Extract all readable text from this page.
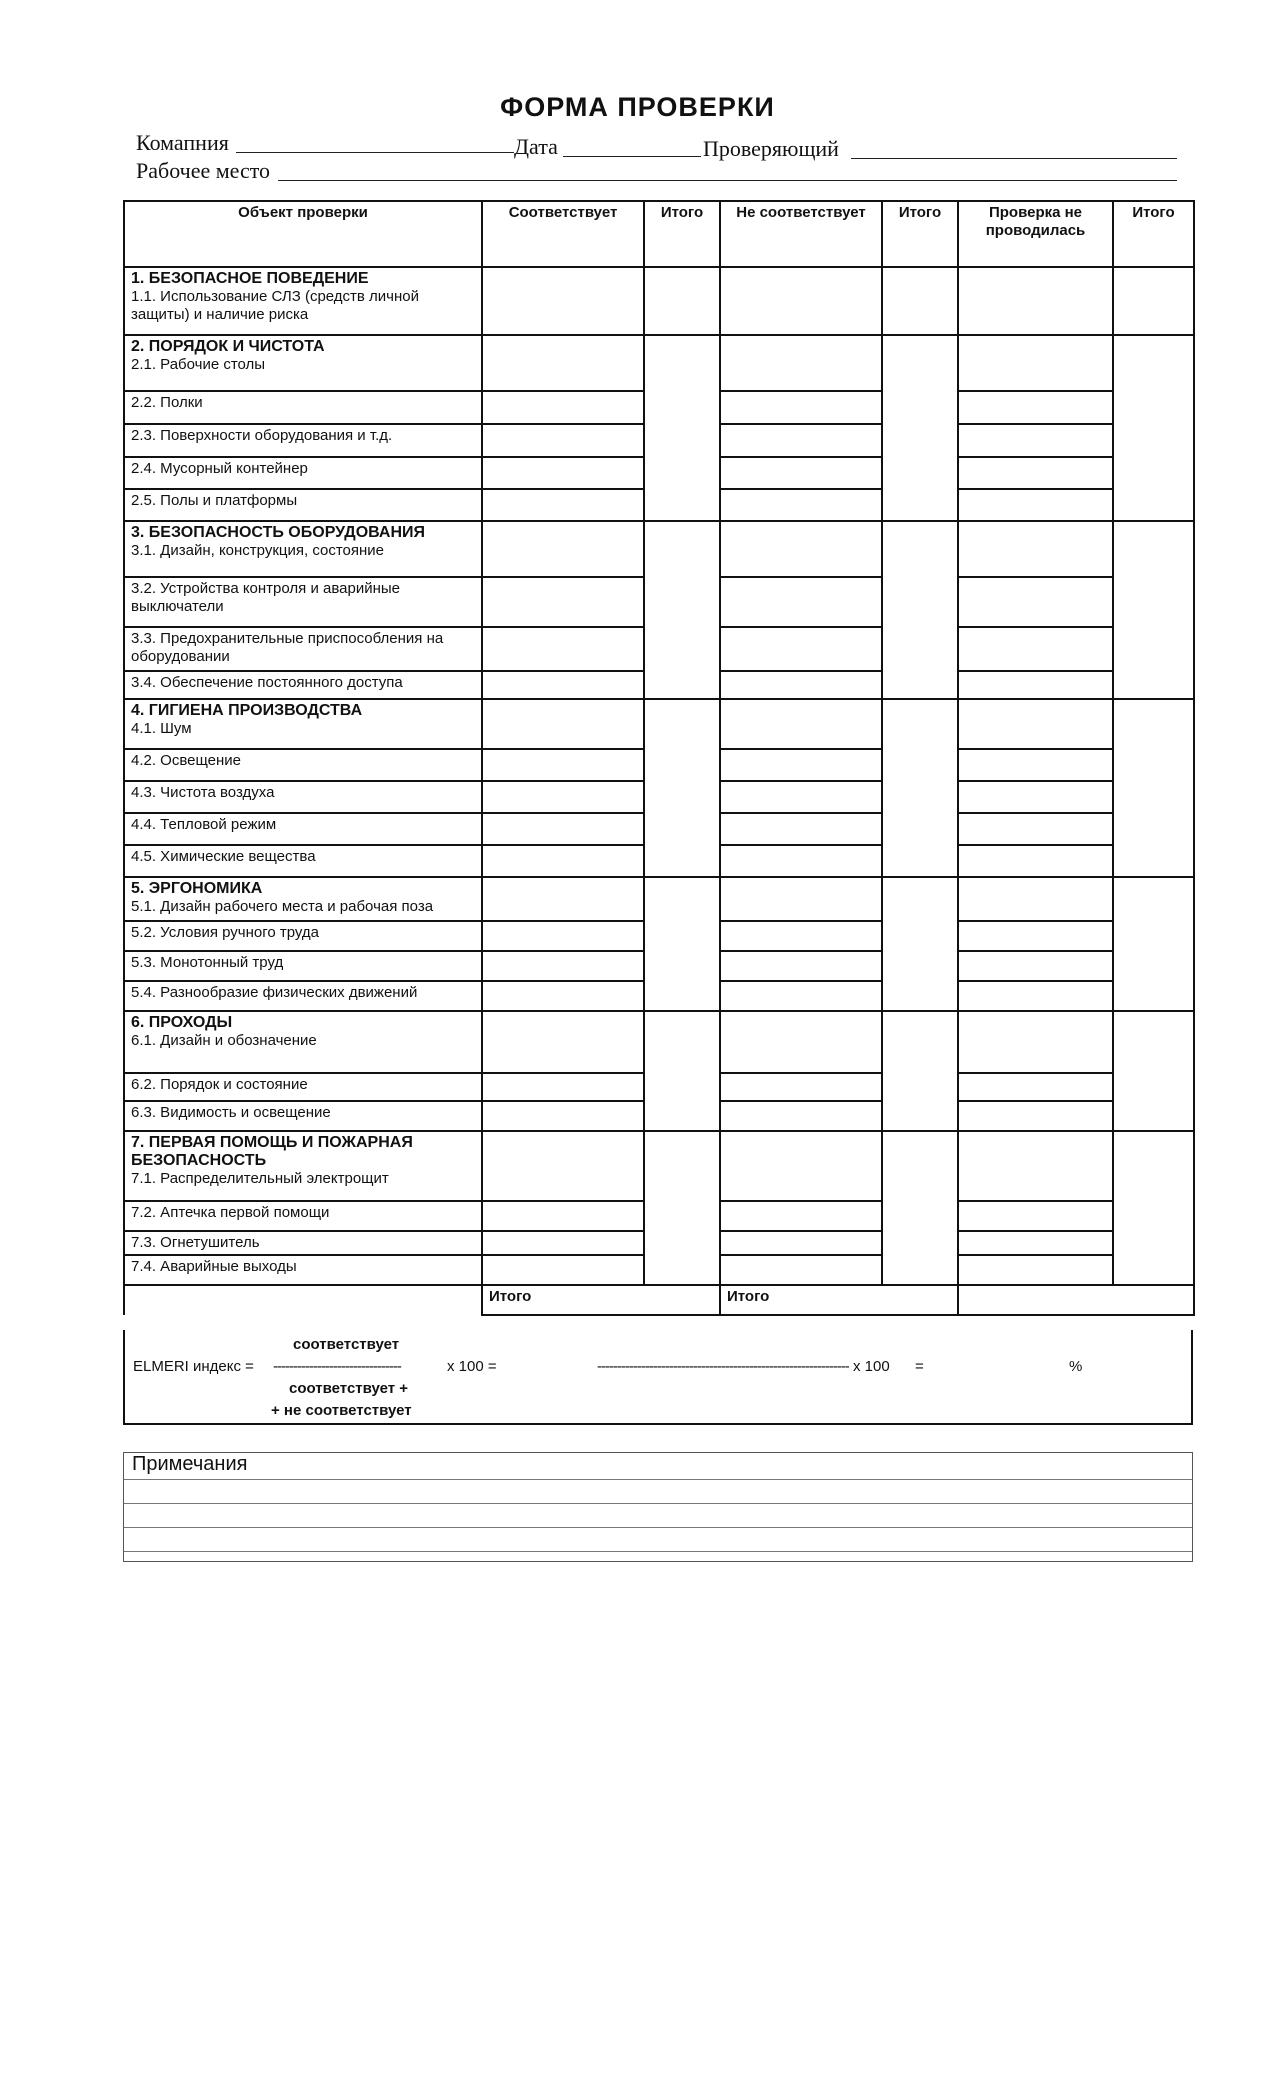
ФОРМА ПРОВЕРКИ
Комапния	Дата	Проверяющий
Рабочее место
Объект проверки	Соответствует	Итого	Не соответствует	Итого	Проверка не проводилась	Итого

1. БЕЗОПАСНОЕ ПОВЕДЕНИЕ
1.1. Использование СЛЗ (средств личной защиты) и наличие риска						

2. ПОРЯДОК И ЧИСТОТА
2.1. Рабочие столы						

2.2. Полки						

2.3. Поверхности оборудования и т.д.						

2.4. Мусорный контейнер						

2.5. Полы и платформы						

3. БЕЗОПАСНОСТЬ ОБОРУДОВАНИЯ
3.1. Дизайн, конструкция, состояние						

3.2. Устройства контроля и аварийные выключатели						

3.3. Предохранительные приспособления на оборудовании						

3.4. Обеспечение постоянного доступа						

4. ГИГИЕНА ПРОИЗВОДСТВА
4.1. Шум						

4.2. Освещение						

4.3. Чистота воздуха						

4.4. Тепловой режим						

4.5. Химические вещества						

5. ЭРГОНОМИКА
5.1. Дизайн рабочего места и рабочая поза						

5.2. Условия ручного труда						

5.3. Монотонный труд						

5.4. Разнообразие физических движений						

6. ПРОХОДЫ
6.1. Дизайн и обозначение						

6.2. Порядок и состояние						

6.3. Видимость и освещение						

7. ПЕРВАЯ ПОМОЩЬ И ПОЖАРНАЯ БЕЗОПАСНОСТЬ
7.1. Распределительный электрощит						

7.2. Аптечка первой помощи						

7.3. Огнетушитель						

7.4. Аварийные выходы						

	Итого		Итого			
соответствует
ELMERI индекс = --------------------------------	x 100 =	--------------------------------------------------------------- x 100 =	%
соответствует +
+ не соответствует
Примечания
